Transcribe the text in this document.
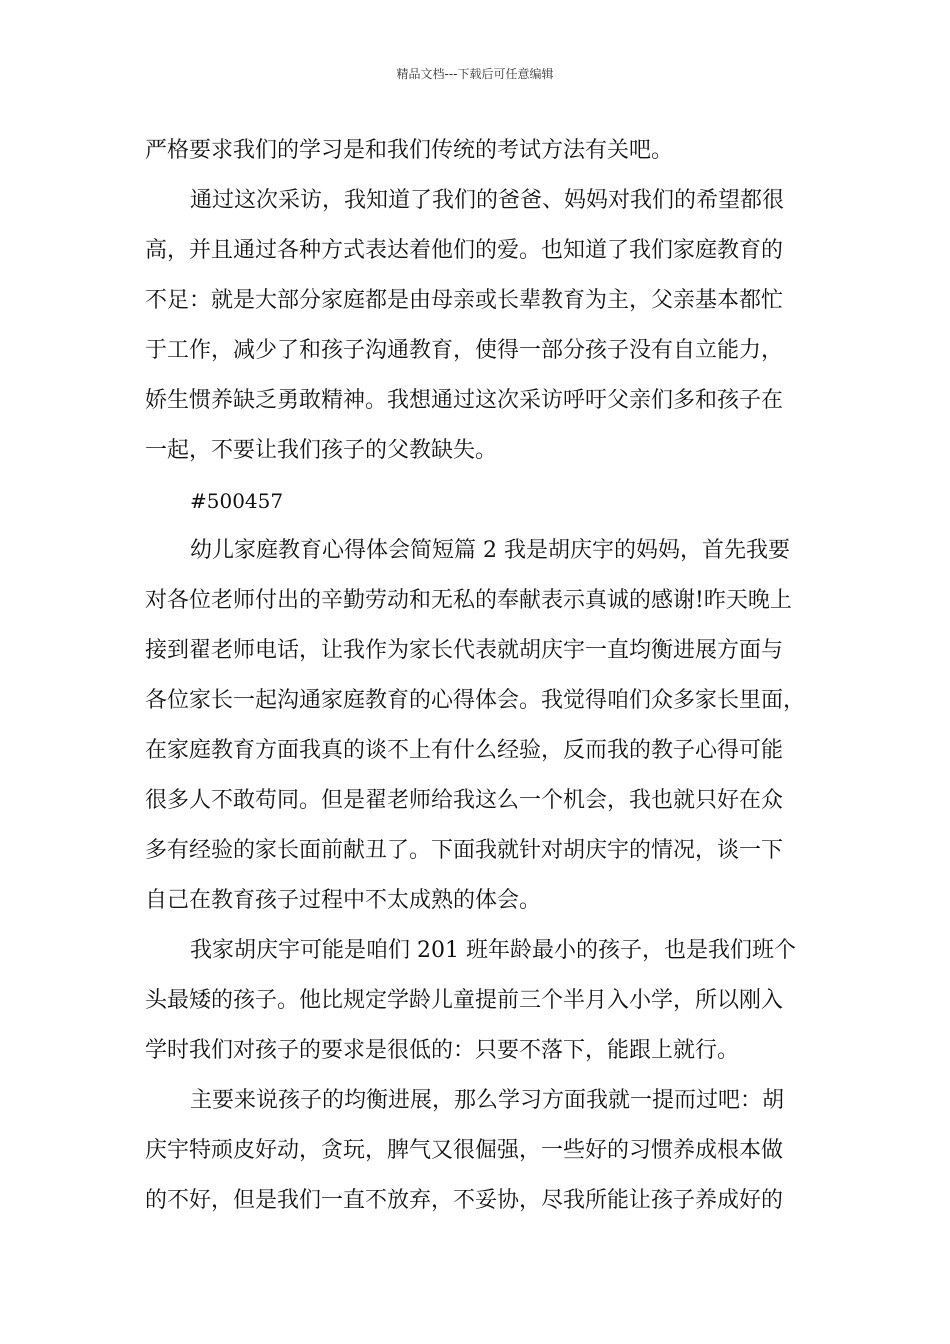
精品文档---下载后可任意编辑
严格要求我们的学习是和我们传统的考试方法有关吧。
通过这次采访，我知道了我们的爸爸、妈妈对我们的希望都很
高，并且通过各种方式表达着他们的爱。也知道了我们家庭教育的
不足：就是大部分家庭都是由母亲或长辈教育为主，父亲基本都忙
于工作，减少了和孩子沟通教育，使得一部分孩子没有自立能力，
娇生惯养缺乏勇敢精神。我想通过这次采访呼吁父亲们多和孩子在
一起，不要让我们孩子的父教缺失。
#500457
幼儿家庭教育心得体会简短篇 2 我是胡庆宇的妈妈，首先我要
对各位老师付出的辛勤劳动和无私的奉献表示真诚的感谢!昨天晚上
接到翟老师电话，让我作为家长代表就胡庆宇一直均衡进展方面与
各位家长一起沟通家庭教育的心得体会。我觉得咱们众多家长里面，
在家庭教育方面我真的谈不上有什么经验，反而我的教子心得可能
很多人不敢苟同。但是翟老师给我这么一个机会，我也就只好在众
多有经验的家长面前献丑了。下面我就针对胡庆宇的情况，谈一下
自己在教育孩子过程中不太成熟的体会。
我家胡庆宇可能是咱们 201 班年龄最小的孩子，也是我们班个
头最矮的孩子。他比规定学龄儿童提前三个半月入小学，所以刚入
学时我们对孩子的要求是很低的：只要不落下，能跟上就行。
主要来说孩子的均衡进展，那么学习方面我就一提而过吧：胡
庆宇特顽皮好动，贪玩，脾气又很倔强，一些好的习惯养成根本做
的不好，但是我们一直不放弃，不妥协，尽我所能让孩子养成好的
